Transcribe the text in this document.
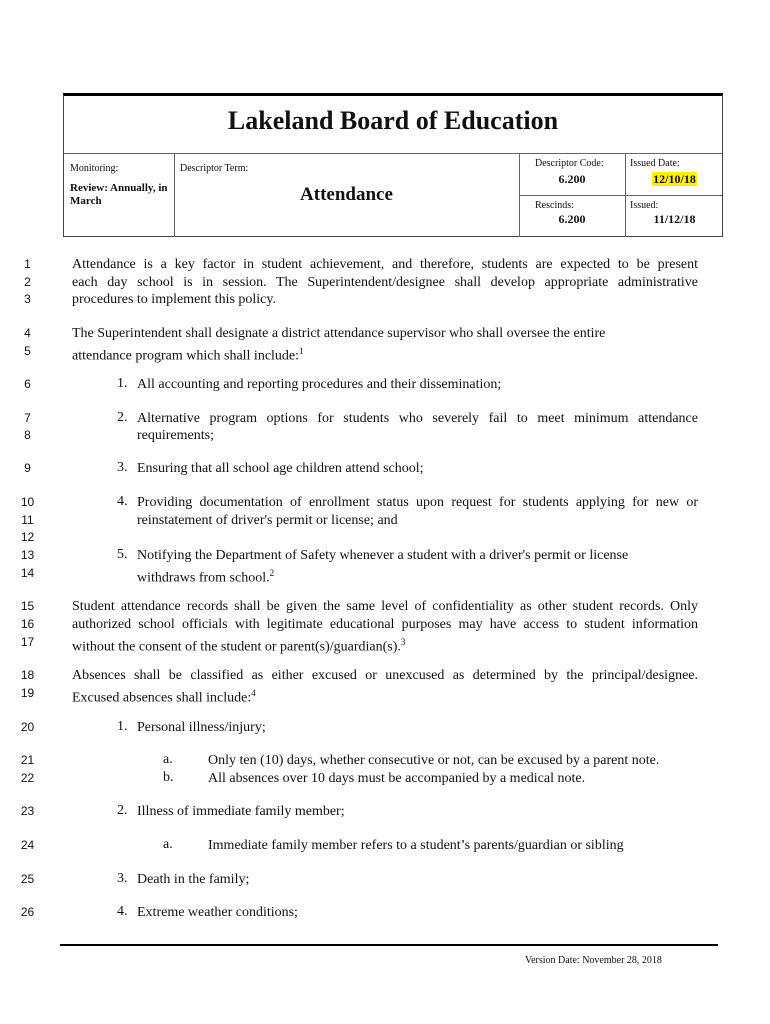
Lakeland Board of Education
Monitoring:
Review: Annually, in March
Descriptor Term:
Attendance
Descriptor Code:
6.200
Issued Date:
12/10/18
Rescinds:
6.200
Issued:
11/12/18
1
2
3
4
5
6
7
8
9
10
11
12
13
14
15
16
17
18
19
20
21
22
23
24
25
26
Attendance is a key factor in student achievement, and therefore, students are expected to be present
each day school is in session. The Superintendent/designee shall develop appropriate administrative
procedures to implement this policy.
The Superintendent shall designate a district attendance supervisor who shall oversee the entire
attendance program which shall include:$^1$
1. All accounting and reporting procedures and their dissemination;
2. Alternative program options for students who severely fail to meet minimum attendance
requirements;
3. Ensuring that all school age children attend school;
4. Providing documentation of enrollment status upon request for students applying for new or
reinstatement of driver's permit or license; and
5. Notifying the Department of Safety whenever a student with a driver's permit or license
withdraws from school.$^2$
Student attendance records shall be given the same level of confidentiality as other student records. Only
authorized school officials with legitimate educational purposes may have access to student information
without the consent of the student or parent(s)/guardian(s).$^3$
Absences shall be classified as either excused or unexcused as determined by the principal/designee.
Excused absences shall include:$^4$
1. Personal illness/injury;
a.	Only ten (10) days, whether consecutive or not, can be excused by a parent note.
b. All absences over 10 days must be accompanied by a medical note.
2. Illness of immediate family member;
a.	Immediate family member refers to a student’s parents/guardian or sibling
3. Death in the family;
4. Extreme weather conditions;
Version Date: November 28, 2018
